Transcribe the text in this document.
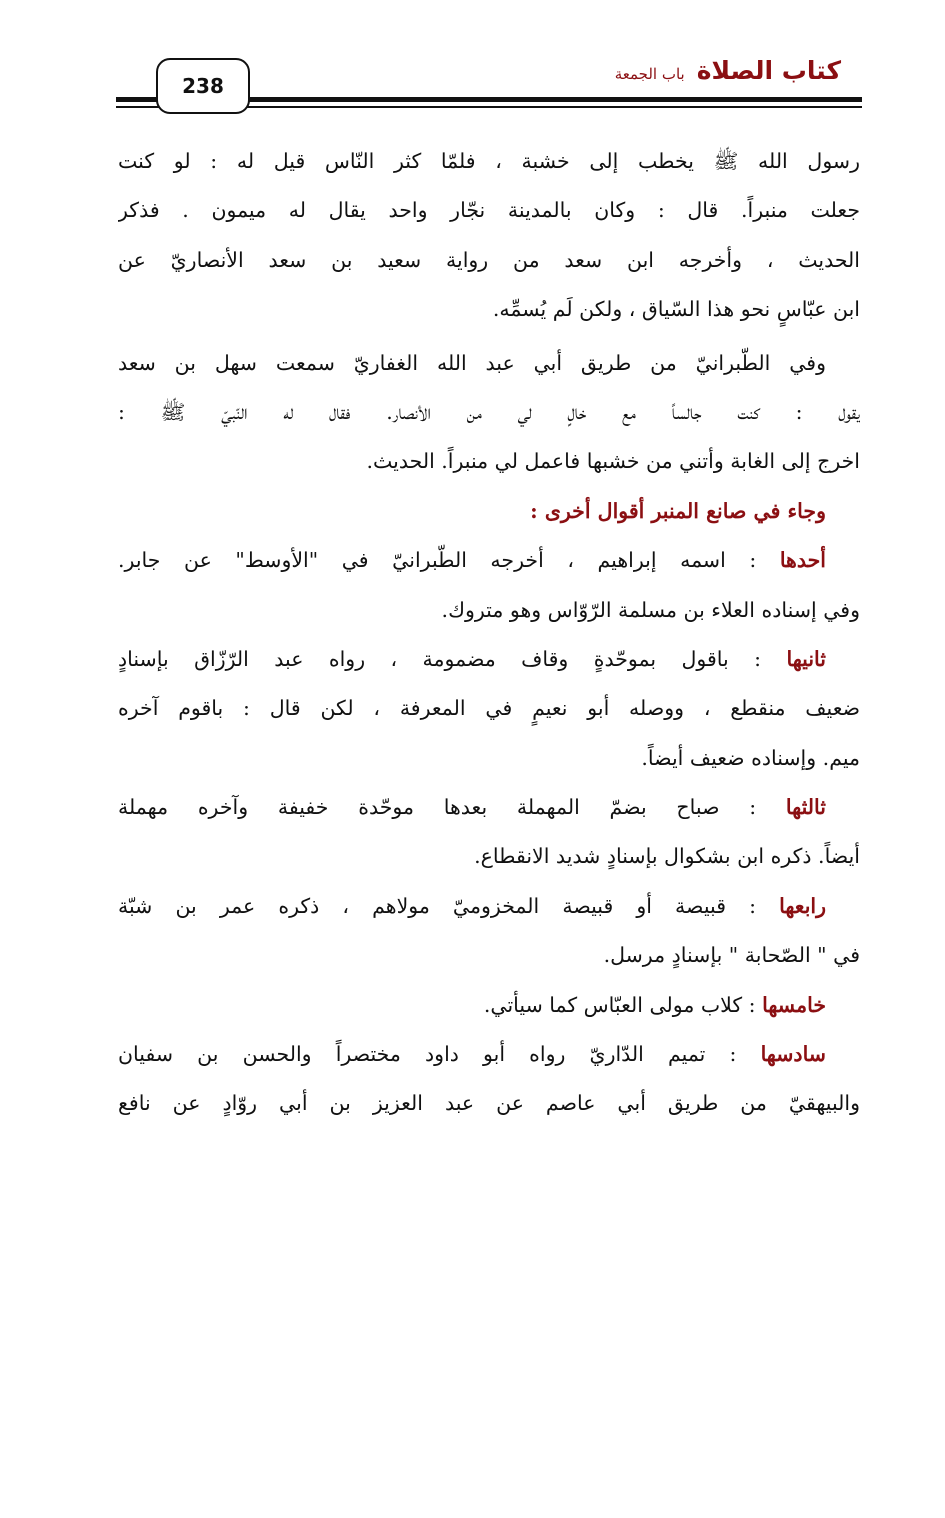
238
كتاب الصلاة
باب الجمعة
رسول الله ﷺ يخطب إلى خشبة ، فلمّا كثر النّاس قيل له : لو كنت
جعلت منبراً. قال : وكان بالمدينة نجّار واحد يقال له ميمون . فذكر
الحديث ، وأخرجه ابن سعد من رواية سعيد بن سعد الأنصاريّ عن
ابن عبّاسٍ نحو هذا السّياق ، ولكن لَم يُسمِّه.
وفي الطّبرانيّ من طريق أبي عبد الله الغفاريّ سمعت سهل بن سعد
يقول : كنت جالساً مع خالٍ لي من الأنصار. فقال له النّبيّ ﷺ :
اخرج إلى الغابة وأتني من خشبها فاعمل لي منبراً. الحديث.
وجاء في صانع المنبر أقوال أخرى :
أحدها : اسمه إبراهيم ، أخرجه الطّبرانيّ في "الأوسط" عن جابر.
وفي إسناده العلاء بن مسلمة الرّوّاس وهو متروك.
ثانيها : باقول بموحّدةٍ وقاف مضمومة ، رواه عبد الرّزّاق بإسنادٍ
ضعيف منقطع ، ووصله أبو نعيمٍ في المعرفة ، لكن قال : باقوم آخره
ميم. وإسناده ضعيف أيضاً.
ثالثها : صباح بضمّ المهملة بعدها موحّدة خفيفة وآخره مهملة
أيضاً. ذكره ابن بشكوال بإسنادٍ شديد الانقطاع.
رابعها : قبيصة أو قبيصة المخزوميّ مولاهم ، ذكره عمر بن شبّة
في " الصّحابة " بإسنادٍ مرسل.
خامسها : كلاب مولى العبّاس كما سيأتي.
سادسها : تميم الدّاريّ رواه أبو داود مختصراً والحسن بن سفيان
والبيهقيّ من طريق أبي عاصم عن عبد العزيز بن أبي روّادٍ عن نافع
